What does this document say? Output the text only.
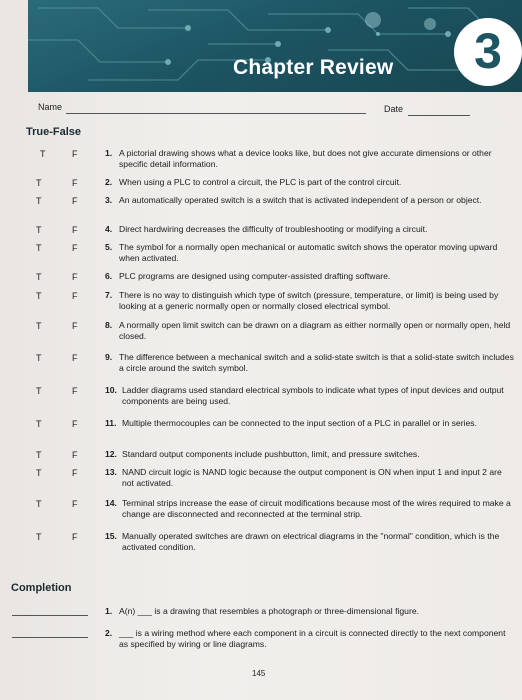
Chapter Review	3
Name	Date
True-False
T	F	1. A pictorial drawing shows what a device looks like, but does not give accurate dimensions or other specific detail information.
T	F	2. When using a PLC to control a circuit, the PLC is part of the control circuit.
T	F	3. An automatically operated switch is a switch that is activated independent of a person or object.
T	F	4. Direct hardwiring decreases the difficulty of troubleshooting or modifying a circuit.
T	F	5. The symbol for a normally open mechanical or automatic switch shows the operator moving upward when activated.
T	F	6. PLC programs are designed using computer-assisted drafting software.
T	F	7. There is no way to distinguish which type of switch (pressure, temperature, or limit) is being used by looking at a generic normally open or normally closed electrical symbol.
T	F	8. A normally open limit switch can be drawn on a diagram as either normally open or normally open, held closed.
T	F	9. The difference between a mechanical switch and a solid-state switch is that a solid-state switch includes a circle around the switch symbol.
T	F	10. Ladder diagrams used standard electrical symbols to indicate what types of input devices and output components are being used.
T	F	11. Multiple thermocouples can be connected to the input section of a PLC in parallel or in series.
T	F	12. Standard output components include pushbutton, limit, and pressure switches.
T	F	13. NAND circuit logic is NAND logic because the output component is ON when input 1 and input 2 are not activated.
T	F	14. Terminal strips increase the ease of circuit modifications because most of the wires required to make a change are disconnected and reconnected at the terminal strip.
T	F	15. Manually operated switches are drawn on electrical diagrams in the "normal" condition, which is the activated condition.
Completion
1. A(n) ___ is a drawing that resembles a photograph or three-dimensional figure.
2. ___ is a wiring method where each component in a circuit is connected directly to the next component as specified by wiring or line diagrams.
145
